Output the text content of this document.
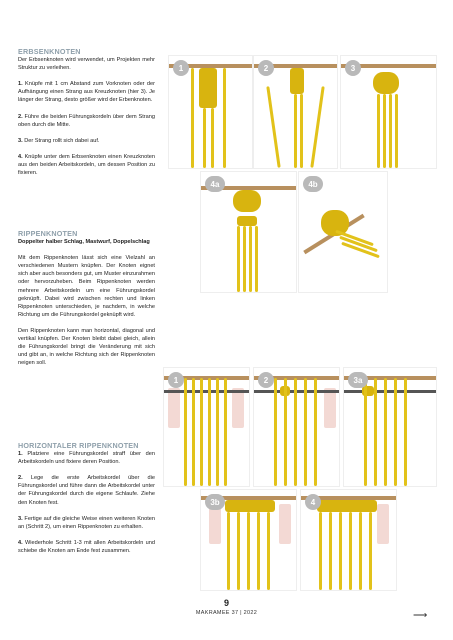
ERBSENKNOTEN

Der Erbsenknoten wird verwendet, um Projekten mehr Struktur zu verleihen.

1. Knüpfe mit 1 cm Abstand zum Vorknoten oder der Aufhängung einen Strang aus Kreuzknoten (hier 3). Je länger der Strang, desto größer wird der Erbenknoten.

2. Führe die beiden Führungskordeln über dem Strang oben durch die Mitte.

3. Der Strang rollt sich dabei auf.

4. Knüpfe unter dem Erbsenknoten einen Kreuzknoten aus den beiden Arbeitskordeln, um dessen Position zu fixieren.

RIPPENKNOTEN
Doppelter halber Schlag, Mastwurf, Doppelschlag

Mit dem Rippenknoten lässt sich eine Vielzahl an verschiedenen Mustern knüpfen. Der Knoten eignet sich aber auch besonders gut, um Muster einzurahmen oder hervorzuheben. Beim Rippenknoten werden mehrere Arbeitskordeln um eine Führungskordel geknüpft. Dabei wird zwischen rechten und linken Rippenknoten unterschieden, je nachdem, in welche Richtung um die Führungskordel geknüpft wird.

Den Rippenknoten kann man horizontal, diagonal und vertikal knüpfen. Der Knoten bleibt dabei gleich, allein die Führungskordel bringt die Veränderung mit sich und gibt an, in welche Richtung sich der Rippenknoten neigen soll.

HORIZONTALER RIPPENKNOTEN

1. Platziere eine Führungskordel straff über den Arbeitskordeln und fixiere deren Position.

2. Lege die erste Arbeitskordel über die Führungskordel und führe dann die Arbeitskordel unter der Führungskordel durch die eigene Schlaufe. Ziehe den Knoten fest.

3. Fertige auf die gleiche Weise einen weiteren Knoten an (Schritt 2), um einen Rippenknoten zu erhalten.

4. Wiederhole Schritt 1-3 mit allen Arbeitskordeln und schiebe die Knoten am Ende fest zusammen.

1	2	3
4a	4b
1	2	3a
3b	4
9
MAKRAMEE 37 | 2022	⟶
